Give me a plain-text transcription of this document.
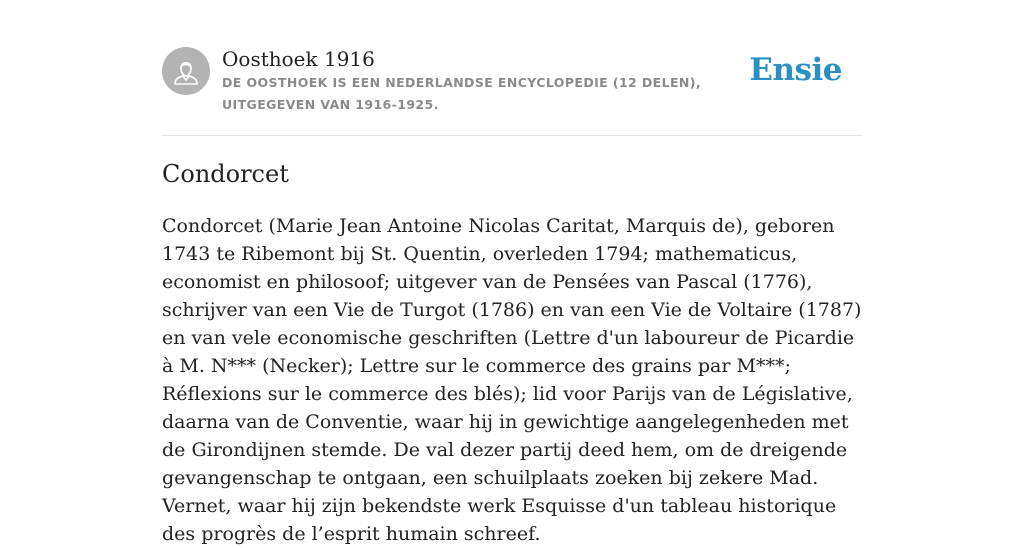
Oosthoek 1916
DE OOSTHOEK IS EEN NEDERLANDSE ENCYCLOPEDIE (12 DELEN), UITGEGEVEN VAN 1916-1925.
Ensie
Condorcet

Condorcet (Marie Jean Antoine Nicolas Caritat, Marquis de), geboren 1743 te Ribemont bij St. Quentin, overleden 1794; mathematicus, economist en philosoof; uitgever van de Pensées van Pascal (1776), schrijver van een Vie de Turgot (1786) en van een Vie de Voltaire (1787) en van vele economische geschriften (Lettre d'un laboureur de Picardie à M. N*** (Necker); Lettre sur le commerce des grains par M***; Réflexions sur le commerce des blés); lid voor Parijs van de Législative, daarna van de Conventie, waar hij in gewichtige aangelegenheden met de Girondijnen stemde. De val dezer partij deed hem, om de dreigende gevangenschap te ontgaan, een schuilplaats zoeken bij zekere Mad. Vernet, waar hij zijn bekendste werk Esquisse d'un tableau historique des progrès de l’esprit humain schreef.
